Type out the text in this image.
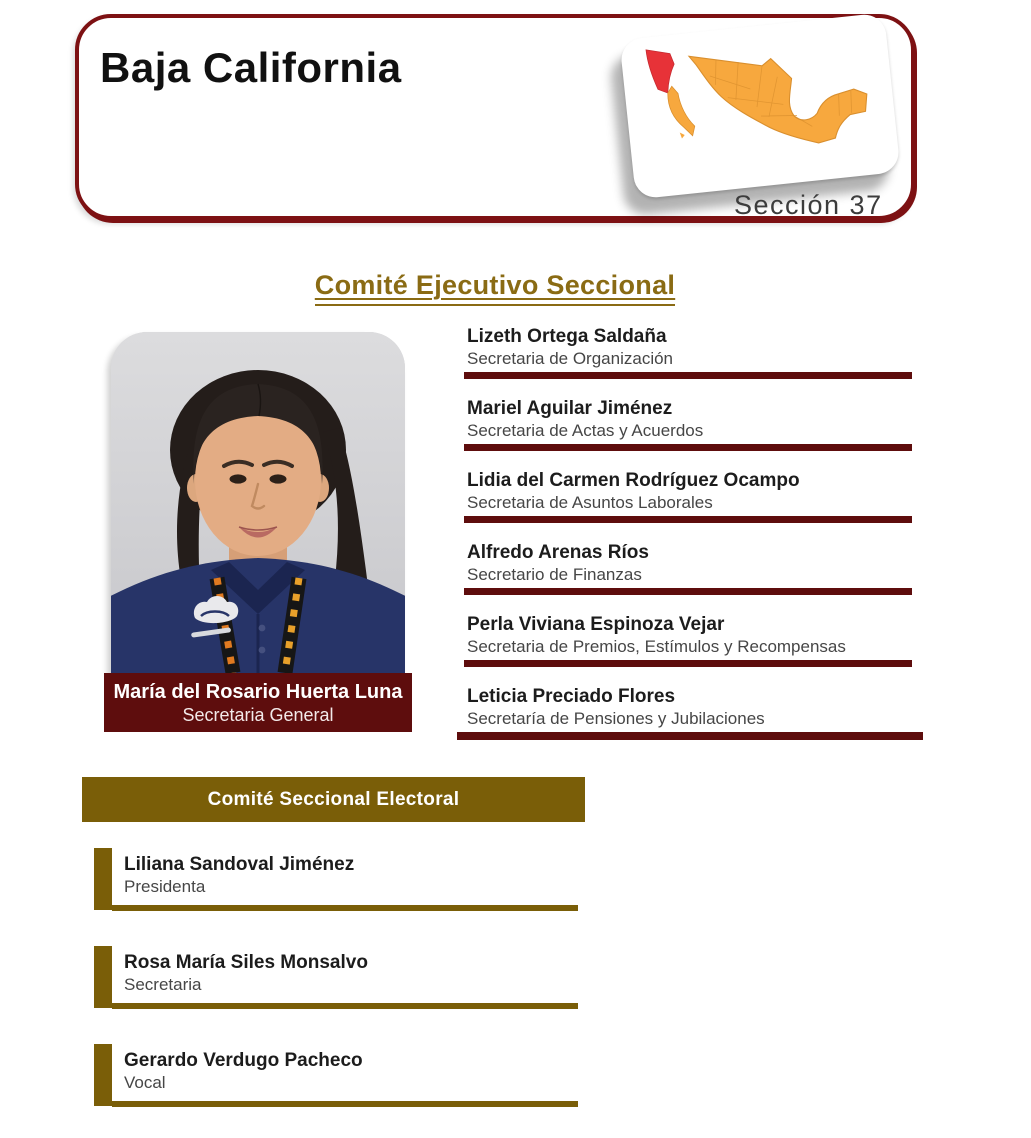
Baja California
Sección 37
Comité Ejecutivo Seccional
María del Rosario Huerta Luna
Secretaria General
Lizeth Ortega Saldaña
Secretaria de Organización
Mariel Aguilar Jiménez
Secretaria de Actas y Acuerdos
Lidia del Carmen Rodríguez Ocampo
Secretaria de Asuntos Laborales
Alfredo Arenas Ríos
Secretario de Finanzas
Perla Viviana Espinoza Vejar
Secretaria de Premios, Estímulos y Recompensas
Leticia Preciado Flores
Secretaría de Pensiones y Jubilaciones
Comité Seccional Electoral
Liliana Sandoval Jiménez
Presidenta
Rosa María Siles Monsalvo
Secretaria
Gerardo Verdugo Pacheco
Vocal
